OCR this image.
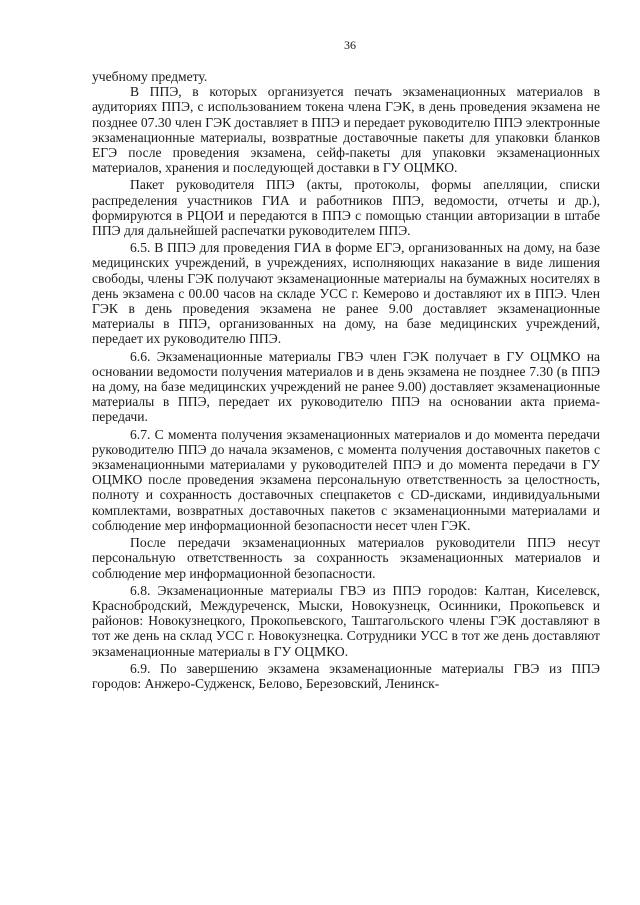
36

учебному предмету.

В ППЭ, в которых организуется печать экзаменационных материалов в аудиториях ППЭ, с использованием токена члена ГЭК, в день проведения экзамена не позднее 07.30 член ГЭК доставляет в ППЭ и передает руководителю ППЭ электронные экзаменационные материалы, возвратные доставочные пакеты для упаковки бланков ЕГЭ после проведения экзамена, сейф-пакеты для упаковки экзаменационных материалов, хранения и последующей доставки в ГУ ОЦМКО.

Пакет руководителя ППЭ (акты, протоколы, формы апелляции, списки распределения участников ГИА и работников ППЭ, ведомости, отчеты и др.), формируются в РЦОИ и передаются в ППЭ с помощью станции авторизации в штабе ППЭ для дальнейшей распечатки руководителем ППЭ.

6.5. В ППЭ для проведения ГИА в форме ЕГЭ, организованных на дому, на базе медицинских учреждений, в учреждениях, исполняющих наказание в виде лишения свободы, члены ГЭК получают экзаменационные материалы на бумажных носителях в день экзамена с 00.00 часов на складе УСС г. Кемерово и доставляют их в ППЭ. Член ГЭК в день проведения экзамена не ранее 9.00 доставляет экзаменационные материалы в ППЭ, организованных на дому, на базе медицинских учреждений, передает их руководителю ППЭ.

6.6. Экзаменационные материалы ГВЭ член ГЭК получает в ГУ ОЦМКО на основании ведомости получения материалов и в день экзамена не позднее 7.30 (в ППЭ на дому, на базе медицинских учреждений не ранее 9.00) доставляет экзаменационные материалы в ППЭ, передает их руководителю ППЭ на основании акта приема-передачи.

6.7. С момента получения экзаменационных материалов и до момента передачи руководителю ППЭ до начала экзаменов, с момента получения доставочных пакетов с экзаменационными материалами у руководителей ППЭ и до момента передачи в ГУ ОЦМКО после проведения экзамена персональную ответственность за целостность, полноту и сохранность доставочных спецпакетов с CD-дисками, индивидуальными комплектами, возвратных доставочных пакетов с экзаменационными материалами и соблюдение мер информационной безопасности несет член ГЭК.

После передачи экзаменационных материалов руководители ППЭ несут персональную ответственность за сохранность экзаменационных материалов и соблюдение мер информационной безопасности.

6.8. Экзаменационные материалы ГВЭ из ППЭ городов: Калтан, Киселевск, Краснобродский, Междуреченск, Мыски, Новокузнецк, Осинники, Прокопьевск и районов: Новокузнецкого, Прокопьевского, Таштагольского члены ГЭК доставляют в тот же день на склад УСС г. Новокузнецка. Сотрудники УСС в тот же день доставляют экзаменационные материалы в ГУ ОЦМКО.

6.9. По завершению экзамена экзаменационные материалы ГВЭ из ППЭ городов: Анжеро-Судженск, Белово, Березовский, Ленинск-
